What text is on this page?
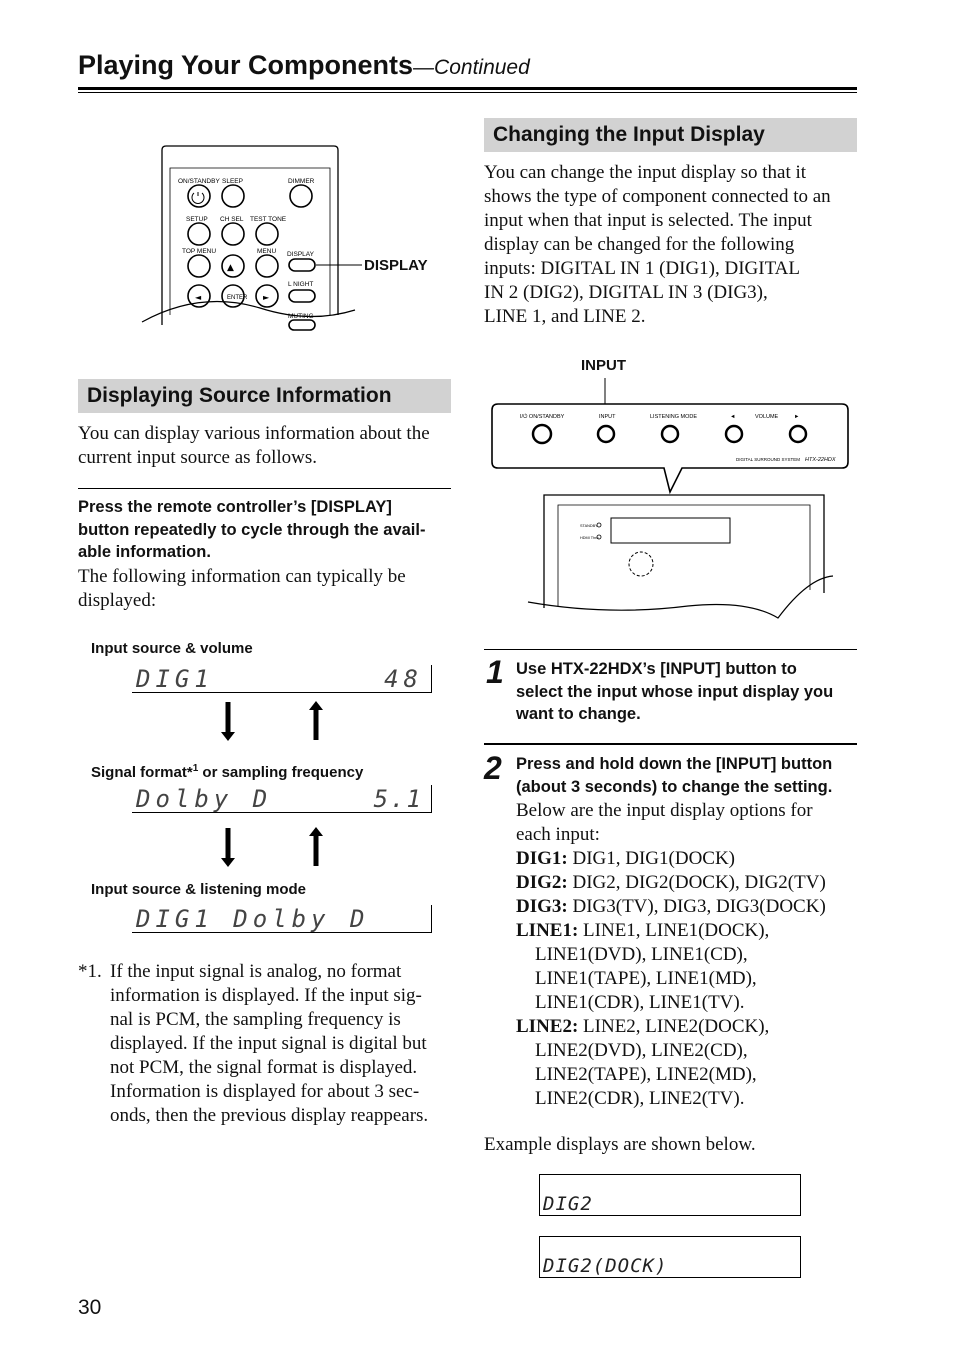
Playing Your Components—Continued
ON/STANDBY SLEEP	DIMMER
SETUP CH SEL TEST TONE
TOP MENU	MENU DISPLAY
L NIGHT
MUTING
ENTER
▲
◄	►
DISPLAY
Displaying Source Information
You can display various information about the current input source as follows.
Press the remote controller’s [DISPLAY]
button repeatedly to cycle through the avail-
able information.
The following information can typically be
displayed:
Input source & volume
DIG1	48
Signal format*$^1$ or sampling frequency
Dolby D	5.1
Input source & listening mode
DIG1 Dolby D
*1. If the input signal is analog, no format
information is displayed. If the input sig-
nal is PCM, the sampling frequency is
displayed. If the input signal is digital but
not PCM, the signal format is displayed.
Information is displayed for about 3 sec-
onds, then the previous display reappears.
Changing the Input Display
You can change the input display so that it
shows the type of component connected to an
input when that input is selected. The input
display can be changed for the following
inputs: DIGITAL IN 1 (DIG1), DIGITAL
IN 2 (DIG2), DIGITAL IN 3 (DIG3),
LINE 1, and LINE 2.
INPUT
I/⏻ ON/STANDBY	INPUT	LISTENING MODE	◄	VOLUME	►
DIGITAL SURROUND SYSTEM HTX-22HDX
STANDBY
HDMI Thru
1 Use HTX-22HDX’s [INPUT] button to
select the input whose input display you
want to change.
2 Press and hold down the [INPUT] button
(about 3 seconds) to change the setting.
Below are the input display options for
each input:
DIG1: DIG1, DIG1(DOCK)
DIG2: DIG2, DIG2(DOCK), DIG2(TV)
DIG3: DIG3(TV), DIG3, DIG3(DOCK)
LINE1: LINE1, LINE1(DOCK),
LINE1(DVD), LINE1(CD),
LINE1(TAPE), LINE1(MD),
LINE1(CDR), LINE1(TV).
LINE2: LINE2, LINE2(DOCK),
LINE2(DVD), LINE2(CD),
LINE2(TAPE), LINE2(MD),
LINE2(CDR), LINE2(TV).
Example displays are shown below.
DIG2
DIG2(DOCK)
30
